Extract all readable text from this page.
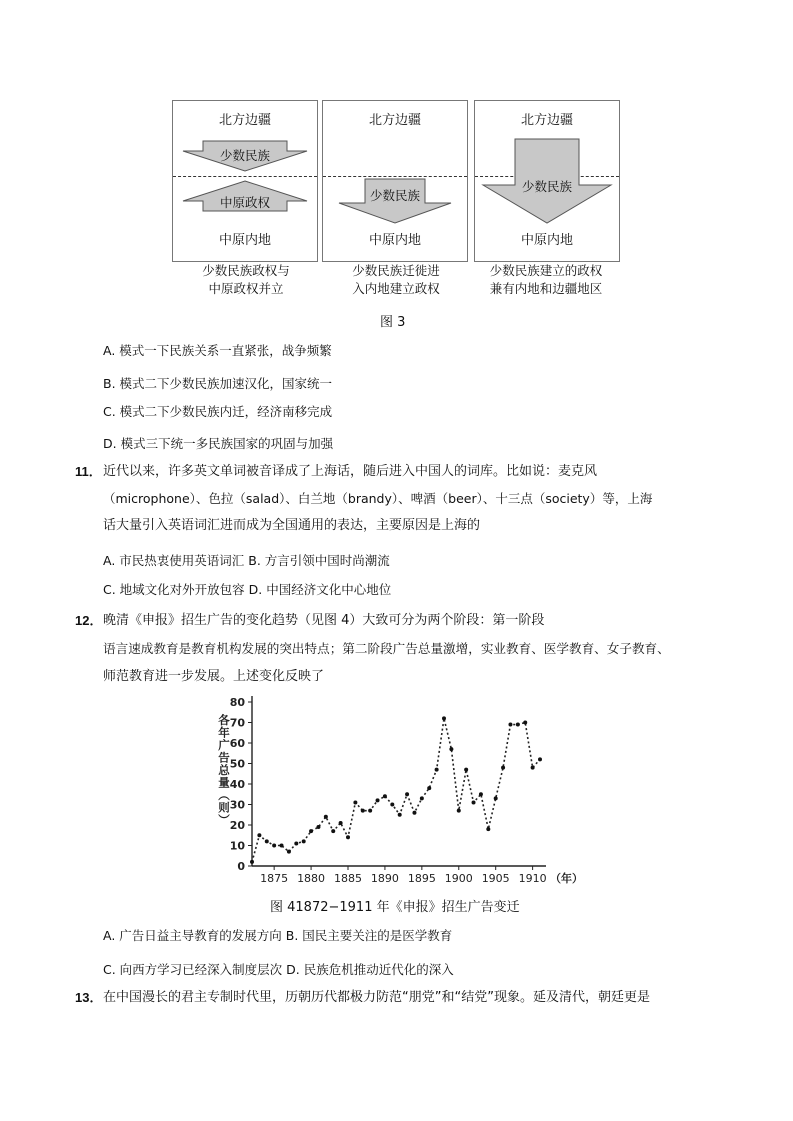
北方边疆
少数民族
中原政权
中原内地
北方边疆
少数民族
中原内地
北方边疆
少数民族
中原内地
少数民族政权与
中原政权并立
少数民族迁徙进
入内地建立政权
少数民族建立的政权
兼有内地和边疆地区
图 3
A. 模式一下民族关系一直紧张，战争频繁
B. 模式二下少数民族加速汉化，国家统一
C. 模式二下少数民族内迁，经济南移完成
D. 模式三下统一多民族国家的巩固与加强
11． 近代以来，许多英文单词被音译成了上海话，随后进入中国人的词库。比如说：麦克风
（microphone）、色拉（salad）、白兰地（brandy）、啤酒（beer）、十三点（society）等，上海
话大量引入英语词汇进而成为全国通用的表达，主要原因是上海的
A. 市民热衷使用英语词汇 B. 方言引领中国时尚潮流
C. 地域文化对外开放包容 D. 中国经济文化中心地位
12． 晚清《申报》招生广告的变化趋势（见图 4）大致可分为两个阶段：第一阶段
语言速成教育是教育机构发展的突出特点；第二阶段广告总量激增，实业教育、医学教育、女子教育、
师范教育进一步发展。上述变化反映了
0
10
20
30
40
50
60
70
80
1875 1880 1885 1890 1895 1900 1905 1910 （年）
各年广告总量（则）
图 41872−1911 年《申报》招生广告变迁
A. 广告日益主导教育的发展方向 B. 国民主要关注的是医学教育
C. 向西方学习已经深入制度层次 D. 民族危机推动近代化的深入
13． 在中国漫长的君主专制时代里，历朝历代都极力防范“朋党”和“结党”现象。延及清代，朝廷更是
